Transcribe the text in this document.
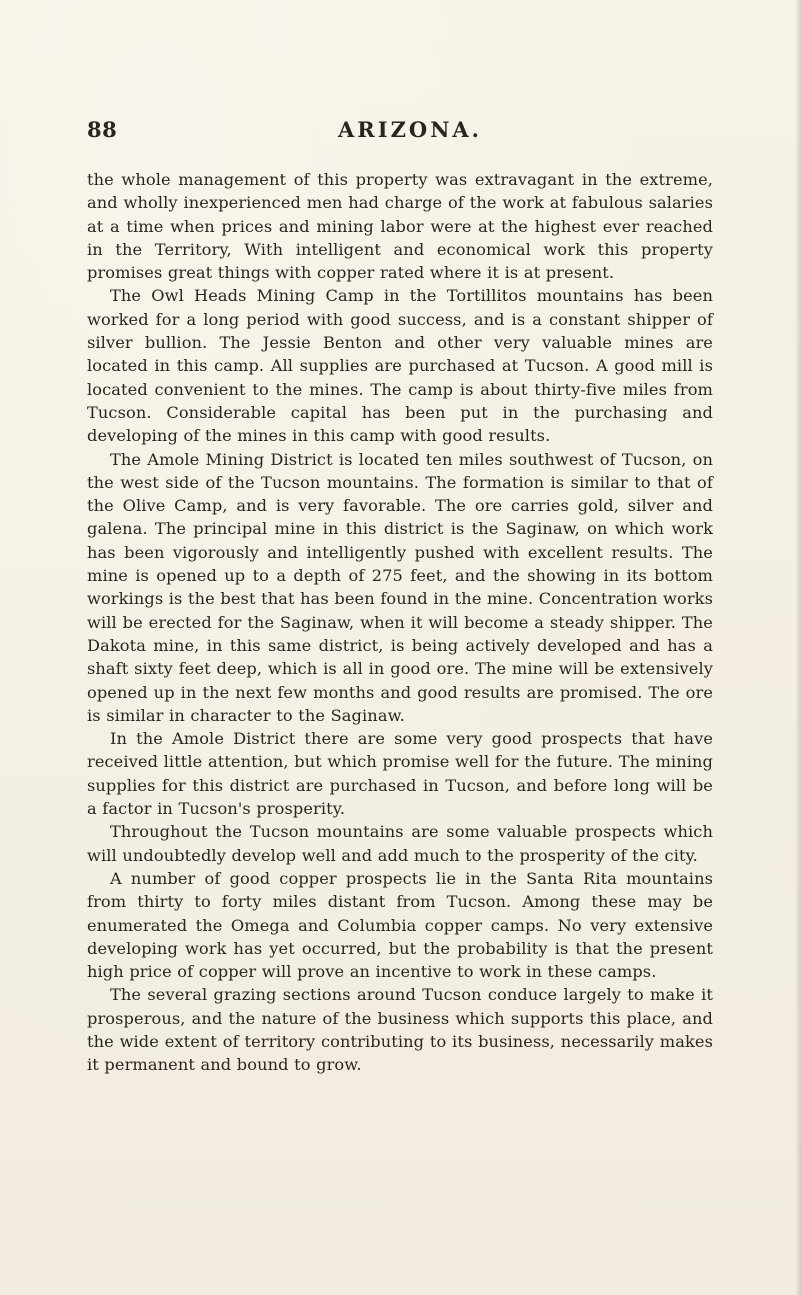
88	ARIZONA.

the whole management of this property was extravagant in the extreme, and wholly inexperienced men had charge of the work at fabulous salaries at a time when prices and mining labor were at the highest ever reached in the Territory, With intelligent and economical work this property promises great things with copper rated where it is at present.

The Owl Heads Mining Camp in the Tortillitos mountains has been worked for a long period with good success, and is a constant shipper of silver bullion. The Jessie Benton and other very valuable mines are located in this camp. All supplies are purchased at Tucson. A good mill is located convenient to the mines. The camp is about thirty-five miles from Tucson. Considerable capital has been put in the purchasing and developing of the mines in this camp with good results.

The Amole Mining District is located ten miles southwest of Tucson, on the west side of the Tucson mountains. The formation is similar to that of the Olive Camp, and is very favorable. The ore carries gold, silver and galena. The principal mine in this district is the Saginaw, on which work has been vigorously and intelligently pushed with excellent results. The mine is opened up to a depth of 275 feet, and the showing in its bottom workings is the best that has been found in the mine. Concentration works will be erected for the Saginaw, when it will become a steady shipper. The Dakota mine, in this same district, is being actively developed and has a shaft sixty feet deep, which is all in good ore. The mine will be extensively opened up in the next few months and good results are promised. The ore is similar in character to the Saginaw.

In the Amole District there are some very good prospects that have received little attention, but which promise well for the future. The mining supplies for this district are purchased in Tucson, and before long will be a factor in Tucson's prosperity.

Throughout the Tucson mountains are some valuable prospects which will undoubtedly develop well and add much to the prosperity of the city.

A number of good copper prospects lie in the Santa Rita mountains from thirty to forty miles distant from Tucson. Among these may be enumerated the Omega and Columbia copper camps. No very extensive developing work has yet occurred, but the probability is that the present high price of copper will prove an incentive to work in these camps.

The several grazing sections around Tucson conduce largely to make it prosperous, and the nature of the business which supports this place, and the wide extent of territory contributing to its business, necessarily makes it permanent and bound to grow.
